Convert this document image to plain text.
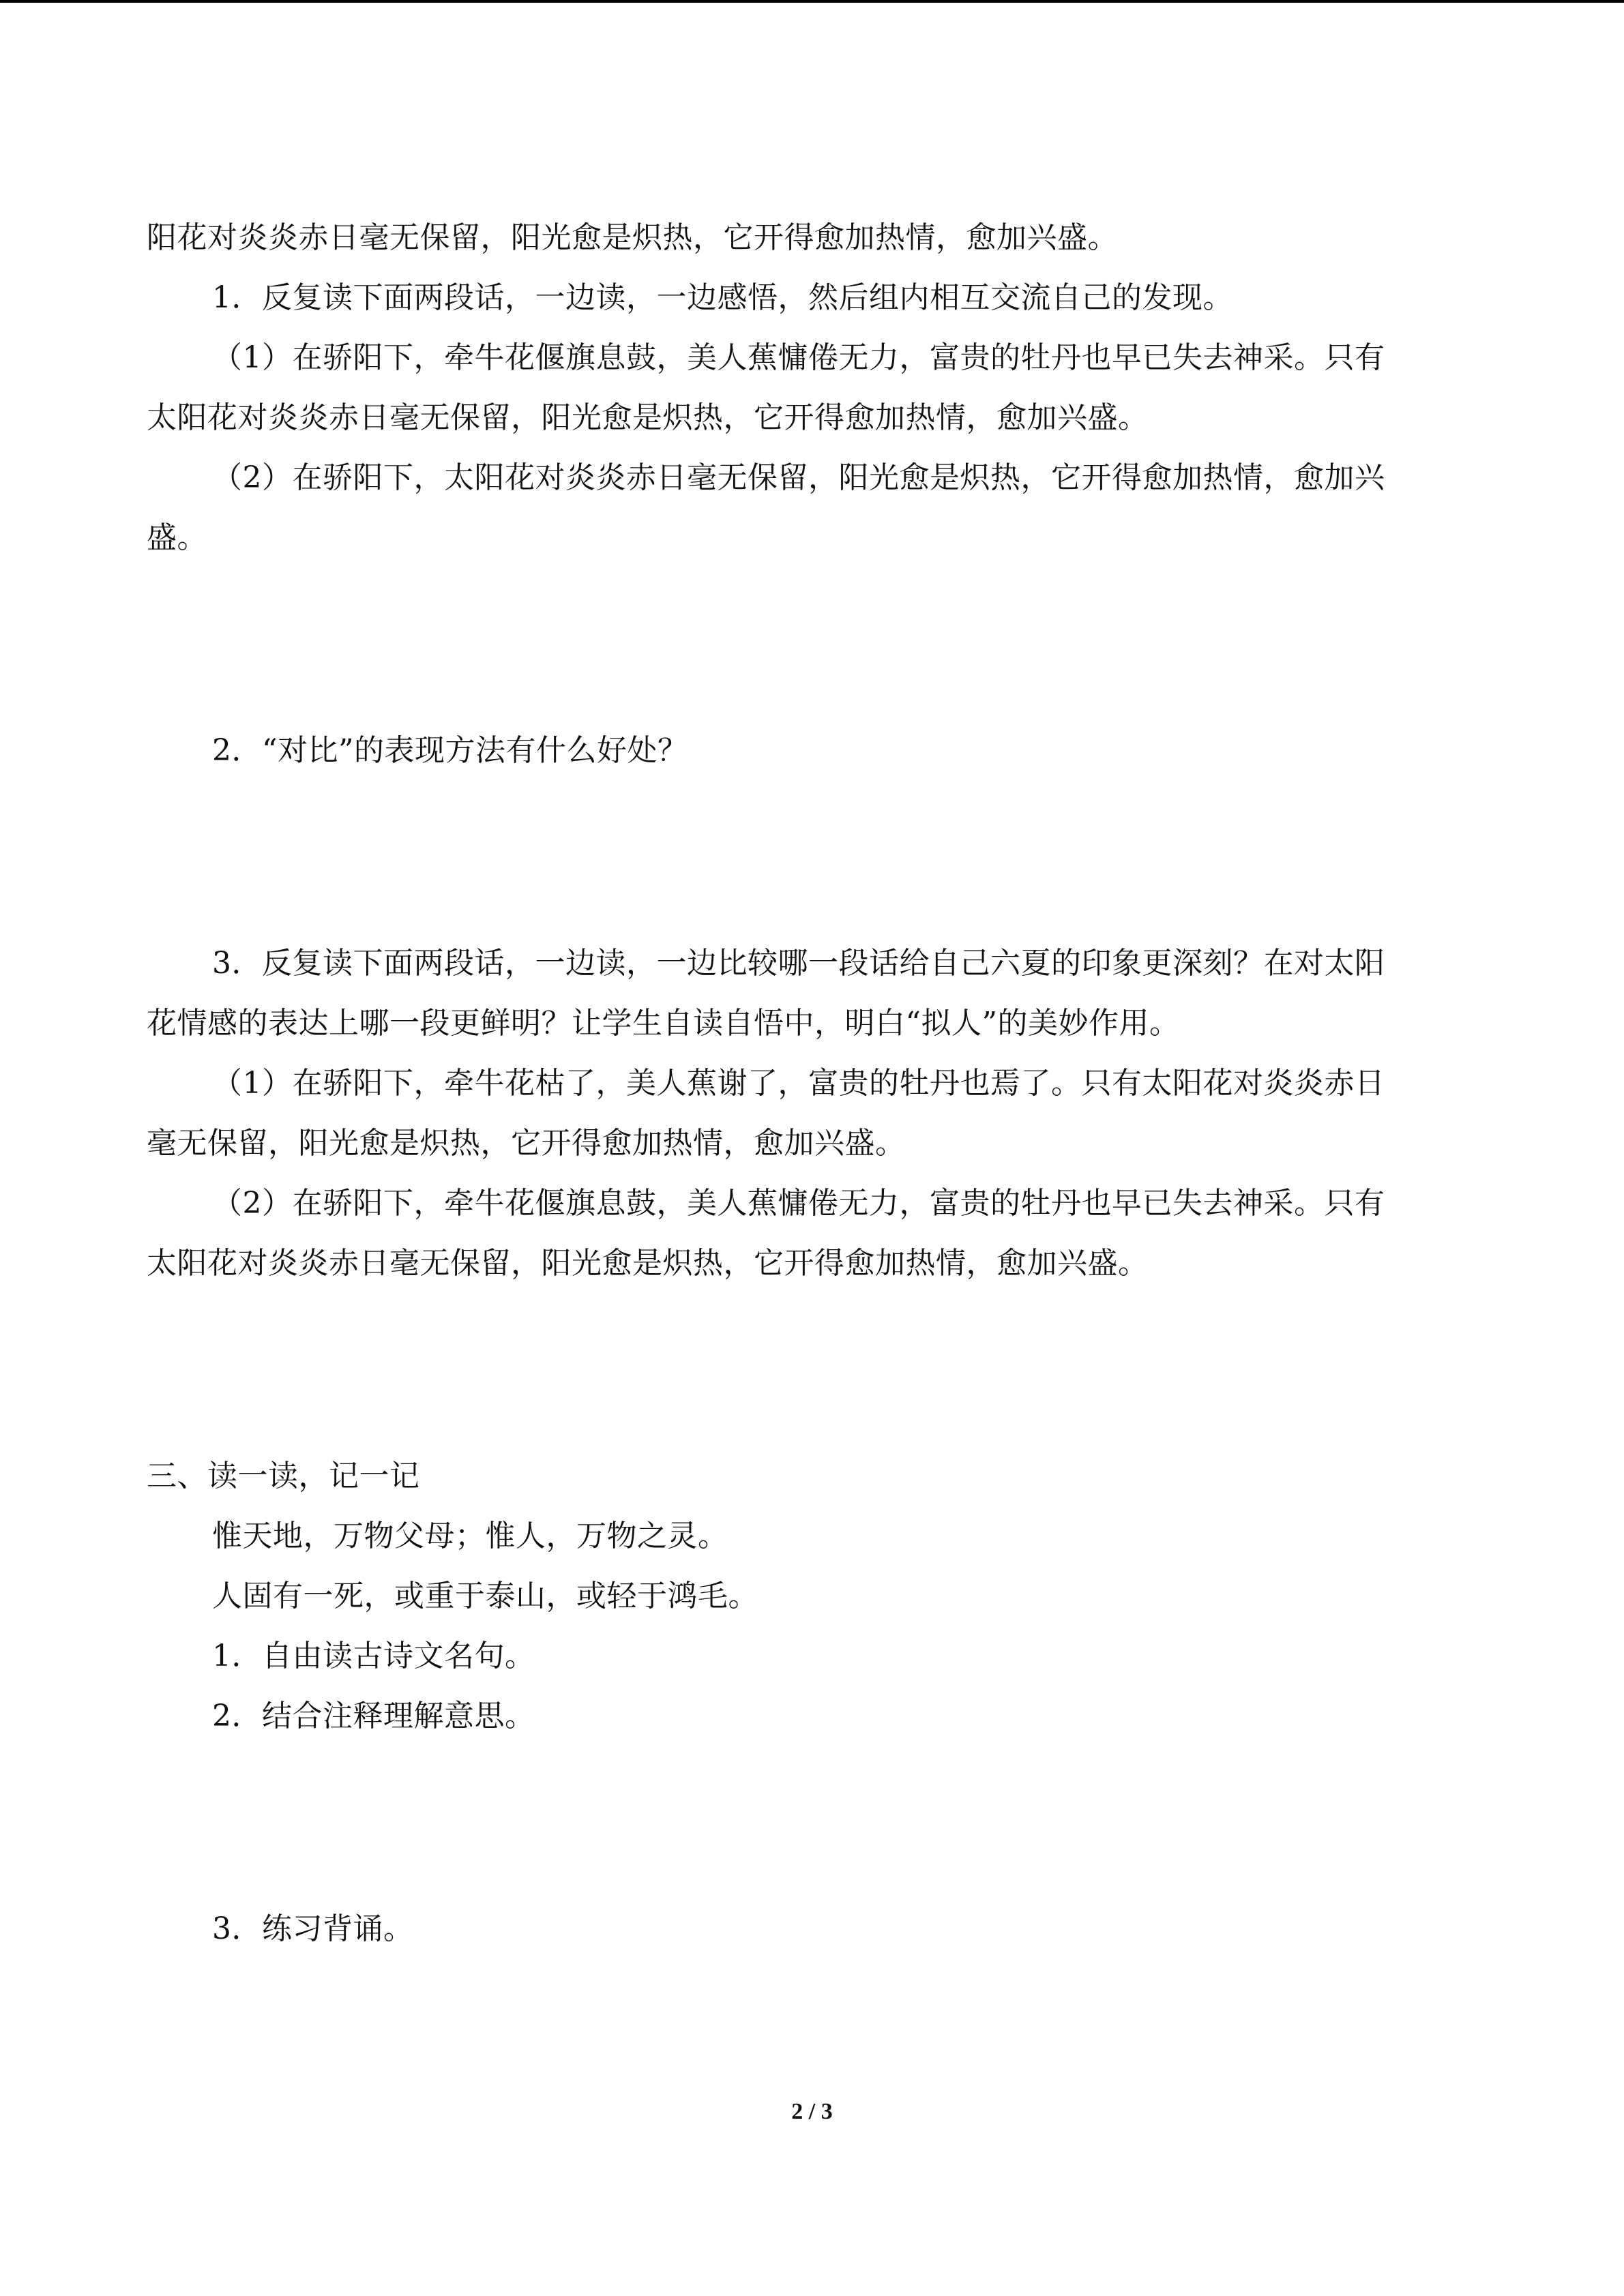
阳花对炎炎赤日毫无保留，阳光愈是炽热，它开得愈加热情，愈加兴盛。
1．反复读下面两段话，一边读，一边感悟，然后组内相互交流自己的发现。
（1）在骄阳下，牵牛花偃旗息鼓，美人蕉慵倦无力，富贵的牡丹也早已失去神采。只有
太阳花对炎炎赤日毫无保留，阳光愈是炽热，它开得愈加热情，愈加兴盛。
（2）在骄阳下，太阳花对炎炎赤日毫无保留，阳光愈是炽热，它开得愈加热情，愈加兴
盛。
2．“对比”的表现方法有什么好处？
3．反复读下面两段话，一边读，一边比较哪一段话给自己六夏的印象更深刻？在对太阳
花情感的表达上哪一段更鲜明？让学生自读自悟中，明白“拟人”的美妙作用。
（1）在骄阳下，牵牛花枯了，美人蕉谢了，富贵的牡丹也焉了。只有太阳花对炎炎赤日
毫无保留，阳光愈是炽热，它开得愈加热情，愈加兴盛。
（2）在骄阳下，牵牛花偃旗息鼓，美人蕉慵倦无力，富贵的牡丹也早已失去神采。只有
太阳花对炎炎赤日毫无保留，阳光愈是炽热，它开得愈加热情，愈加兴盛。
三、读一读，记一记
惟天地，万物父母；惟人，万物之灵。
人固有一死，或重于泰山，或轻于鸿毛。
1．自由读古诗文名句。
2．结合注释理解意思。
3．练习背诵。
2 / 3
